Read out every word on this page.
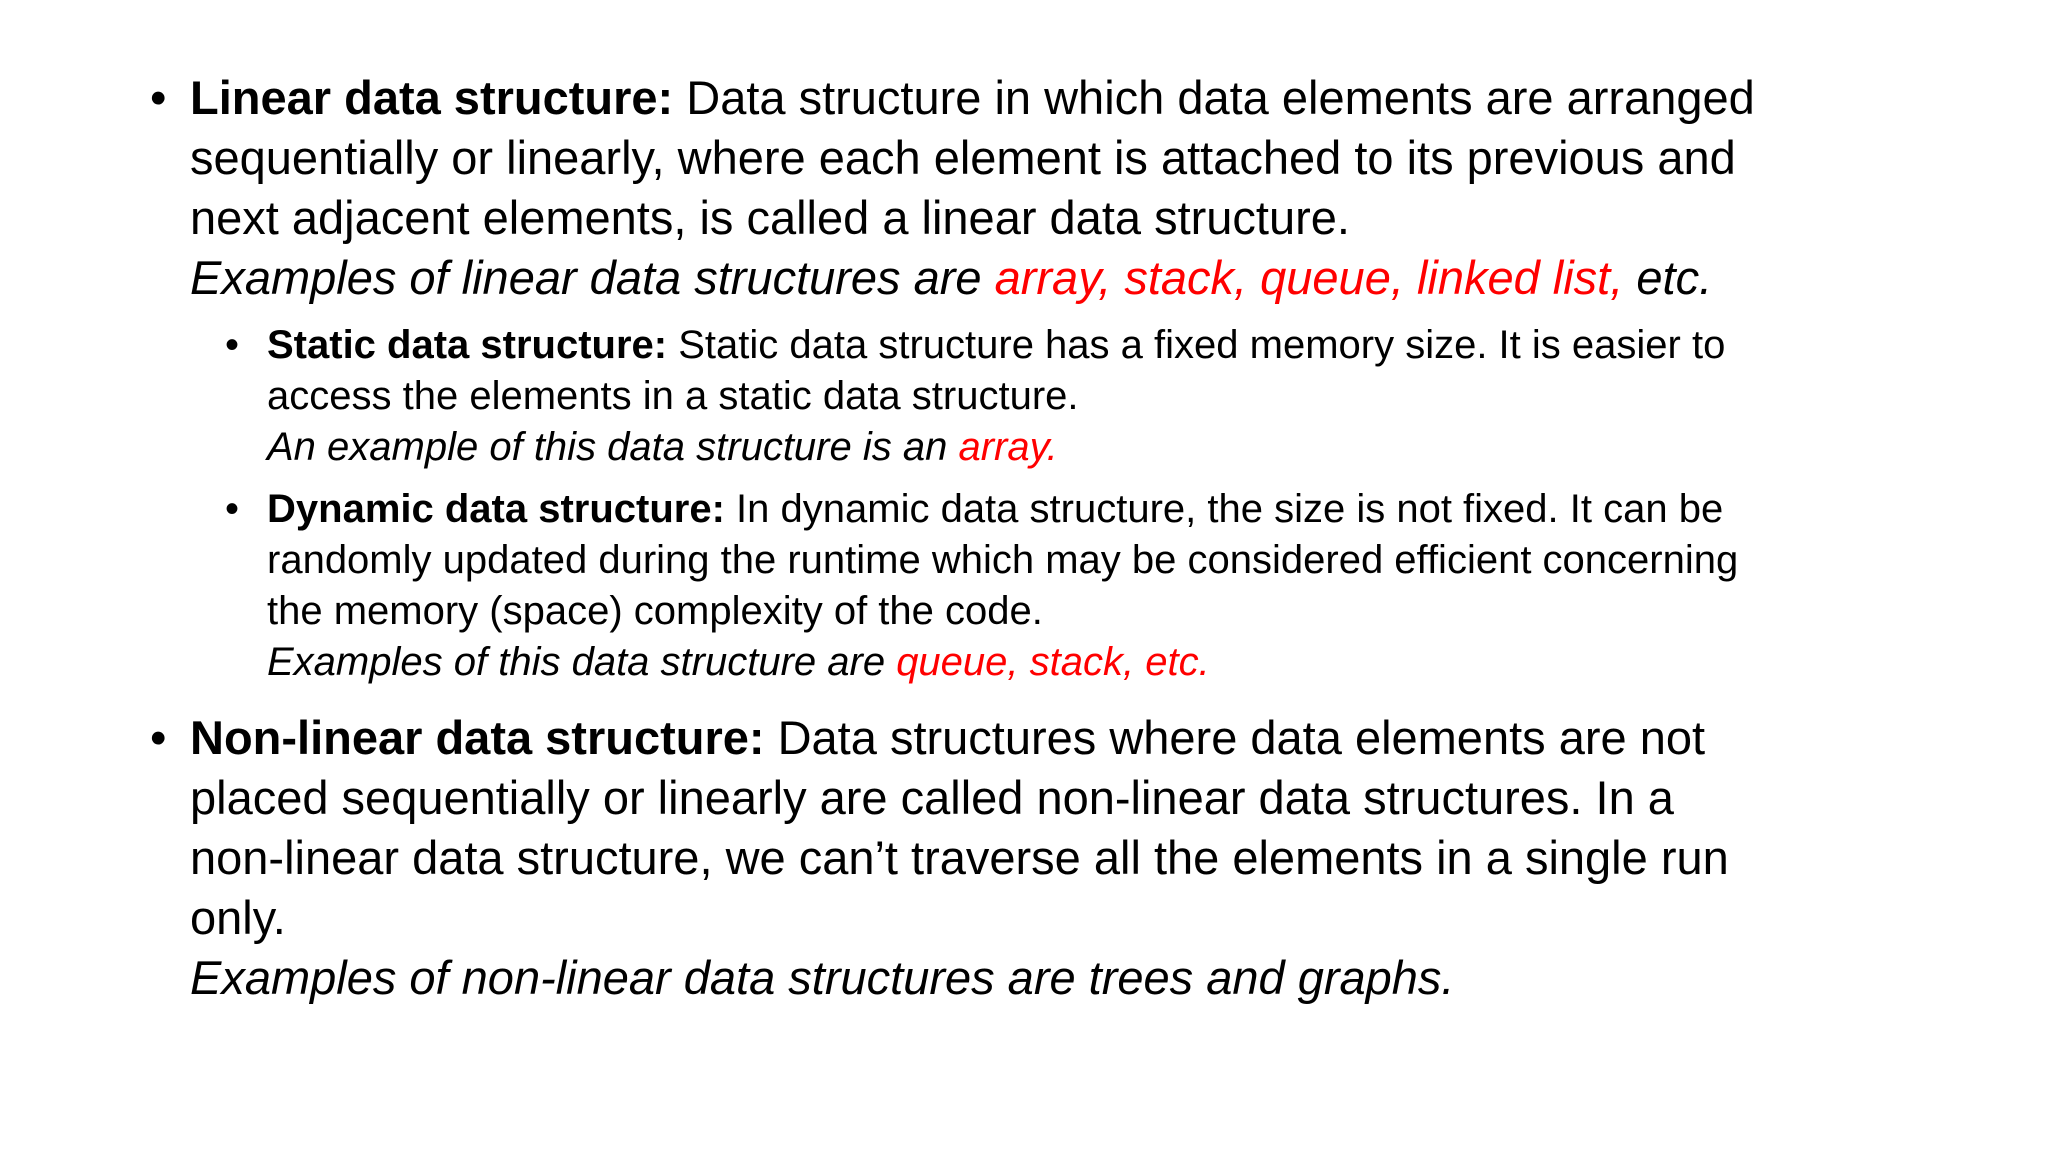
• Linear data structure: Data structure in which data elements are arranged
sequentially or linearly, where each element is attached to its previous and
next adjacent elements, is called a linear data structure.
Examples of linear data structures are array, stack, queue, linked list, etc.
• Static data structure: Static data structure has a fixed memory size. It is easier to
access the elements in a static data structure.
An example of this data structure is an array.
• Dynamic data structure: In dynamic data structure, the size is not fixed. It can be
randomly updated during the runtime which may be considered efficient concerning
the memory (space) complexity of the code.
Examples of this data structure are queue, stack, etc.
• Non-linear data structure: Data structures where data elements are not
placed sequentially or linearly are called non-linear data structures. In a
non-linear data structure, we can’t traverse all the elements in a single run
only.
Examples of non-linear data structures are trees and graphs.
